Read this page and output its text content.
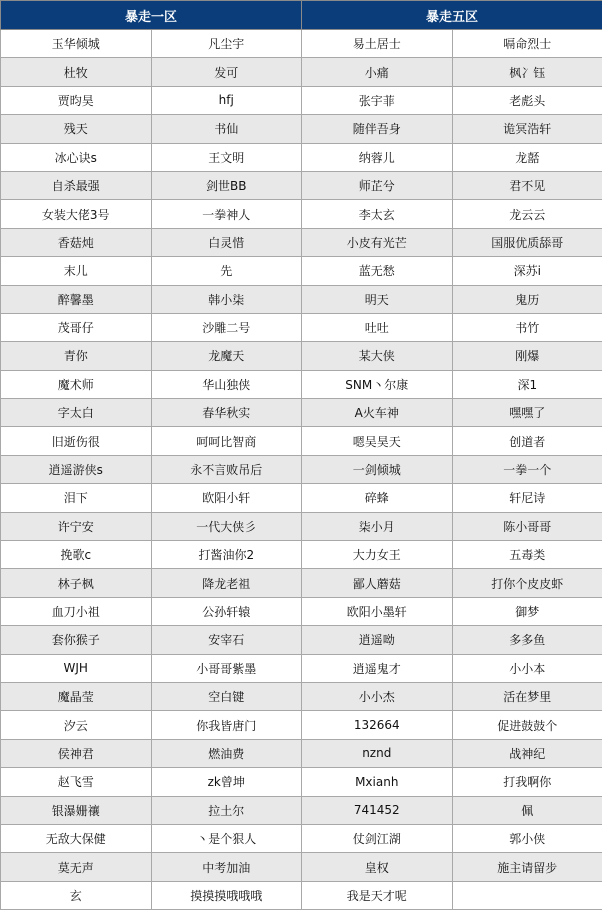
暴走一区		暴走五区	
玉华倾城	凡尘宇	易土居士	嗝命烈士
杜牧	发可	小痛	枫冫钰
贾昀昊	hfj	张宇菲	老彪头
残天	书仙	随伴吾身	诡冥浩轩
冰心诀s	王文明	纳蓉儿	龙嚭
自杀最强	剑世BB	师芷兮	君不见
女装大佬3号	一拳神人	李太玄	龙云云
香菇炖	白灵惜	小皮有光芒	国服优质舔哥
末儿	先	蓝无愁	深苏i
醉馨墨	韩小柒	明天	鬼历
茂哥仔	沙雕二号	吐吐	书竹
青你	龙魔天	某大侠	刚爆
魔术师	华山独侠	SNM丶尔康	深1
字太白	春华秋实	A火车神	嘿嘿了
旧逝伤很	呵呵比智商	嗯吴昊天	创道者
逍遥游侠s	永不言败吊后	一剑倾城	一拳一个
泪下	欧阳小轩	碎蜂	轩尼诗
许宁安	一代大侠彡	柒小月	陈小哥哥
挽歌c	打酱油你2	大力女王	五毒类
林子枫	降龙老祖	鄙人蘑菇	打你个皮皮虾
血刀小祖	公孙轩辕	欧阳小墨轩	御梦
套你猴子	安宰石	逍遥呦	多多鱼
WJH	小哥哥紫墨	逍遥鬼才	小小本
魔晶莹	空白键	小小杰	活在梦里
汐云	你我皆唐门	132664	促进鼓鼓个
侯神君	燃油费	nznd	战神纪
赵飞雪	zk曾坤	Mxianh	打我啊你
银瀑姗禳	拉土尔	741452	佩
无敌大保健	丶是个狠人	仗剑江湖	郭小侠
莫无声	中考加油	皇权	施主请留步
玄	摸摸摸哦哦哦	我是天才呢	
